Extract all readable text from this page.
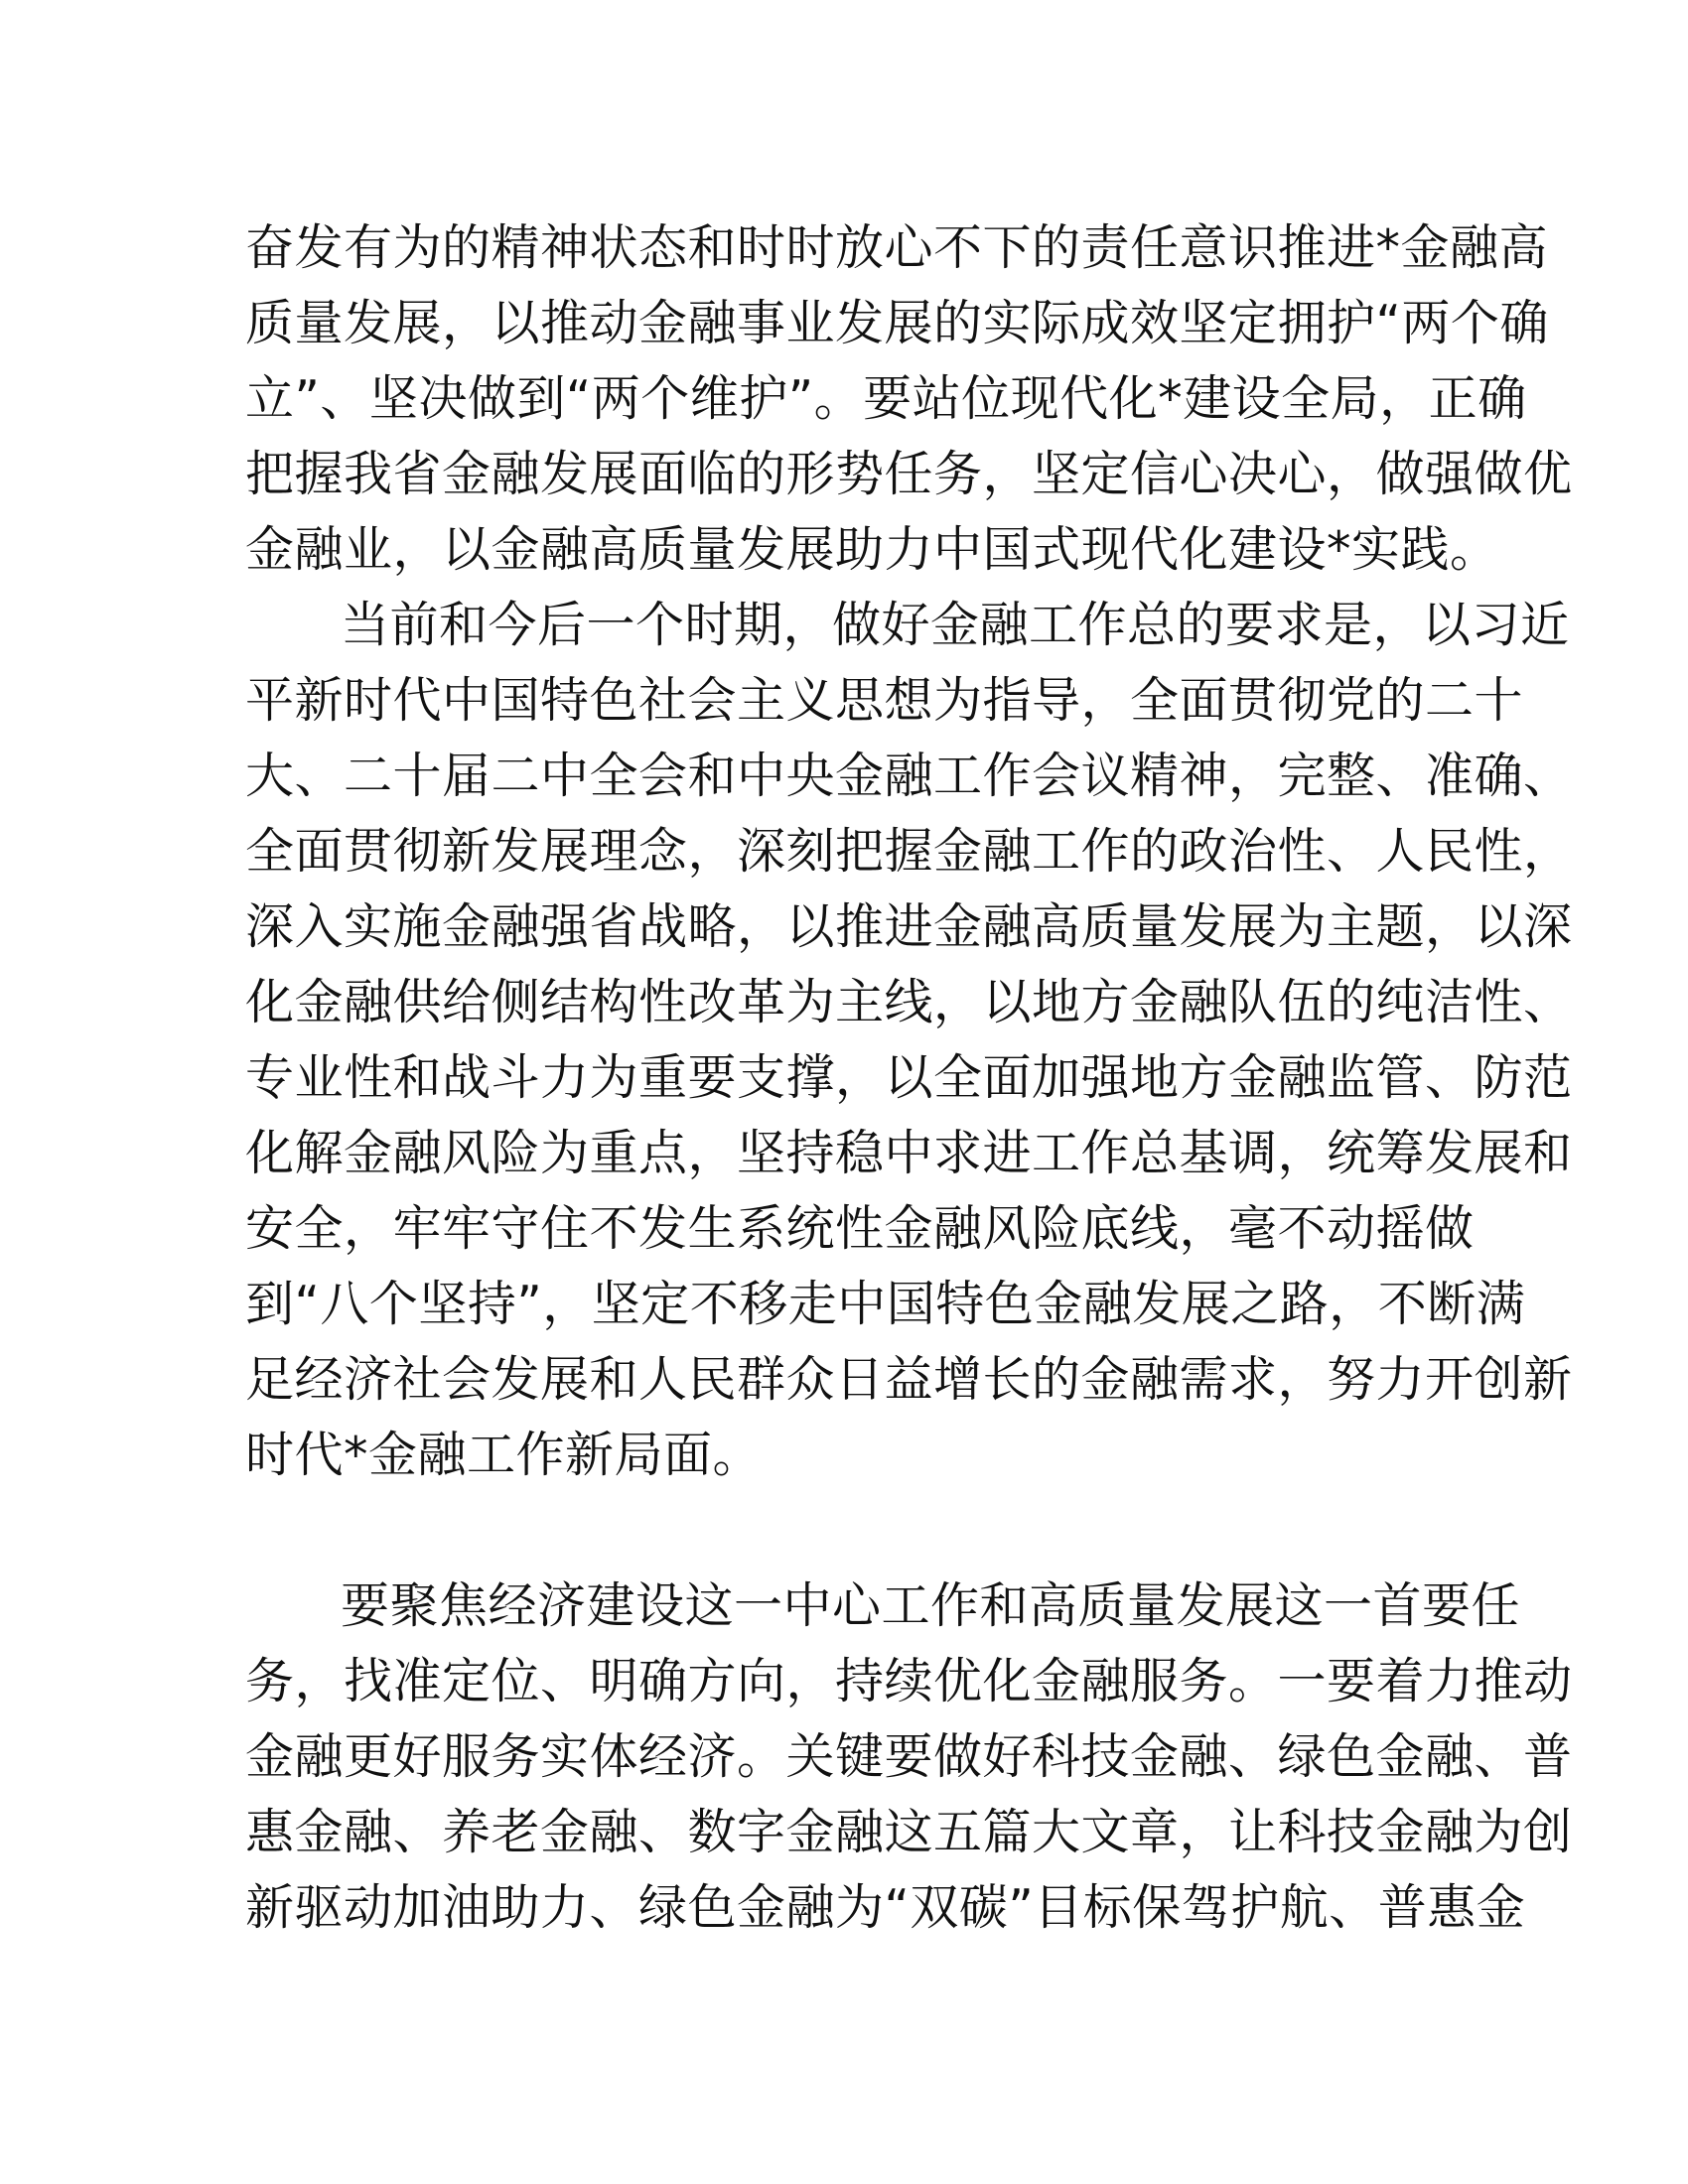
奋发有为的精神状态和时时放心不下的责任意识推进*金融高
质量发展，以推动金融事业发展的实际成效坚定拥护“两个确
立”、坚决做到“两个维护”。要站位现代化*建设全局，正确
把握我省金融发展面临的形势任务，坚定信心决心，做强做优
金融业，以金融高质量发展助力中国式现代化建设*实践。
当前和今后一个时期，做好金融工作总的要求是，以习近
平新时代中国特色社会主义思想为指导，全面贯彻党的二十
大、二十届二中全会和中央金融工作会议精神，完整、准确、
全面贯彻新发展理念，深刻把握金融工作的政治性、人民性，
深入实施金融强省战略，以推进金融高质量发展为主题，以深
化金融供给侧结构性改革为主线，以地方金融队伍的纯洁性、
专业性和战斗力为重要支撑，以全面加强地方金融监管、防范
化解金融风险为重点，坚持稳中求进工作总基调，统筹发展和
安全，牢牢守住不发生系统性金融风险底线，毫不动摇做
到“八个坚持”，坚定不移走中国特色金融发展之路，不断满
足经济社会发展和人民群众日益增长的金融需求，努力开创新
时代*金融工作新局面。
要聚焦经济建设这一中心工作和高质量发展这一首要任
务，找准定位、明确方向，持续优化金融服务。一要着力推动
金融更好服务实体经济。关键要做好科技金融、绿色金融、普
惠金融、养老金融、数字金融这五篇大文章，让科技金融为创
新驱动加油助力、绿色金融为“双碳”目标保驾护航、普惠金
